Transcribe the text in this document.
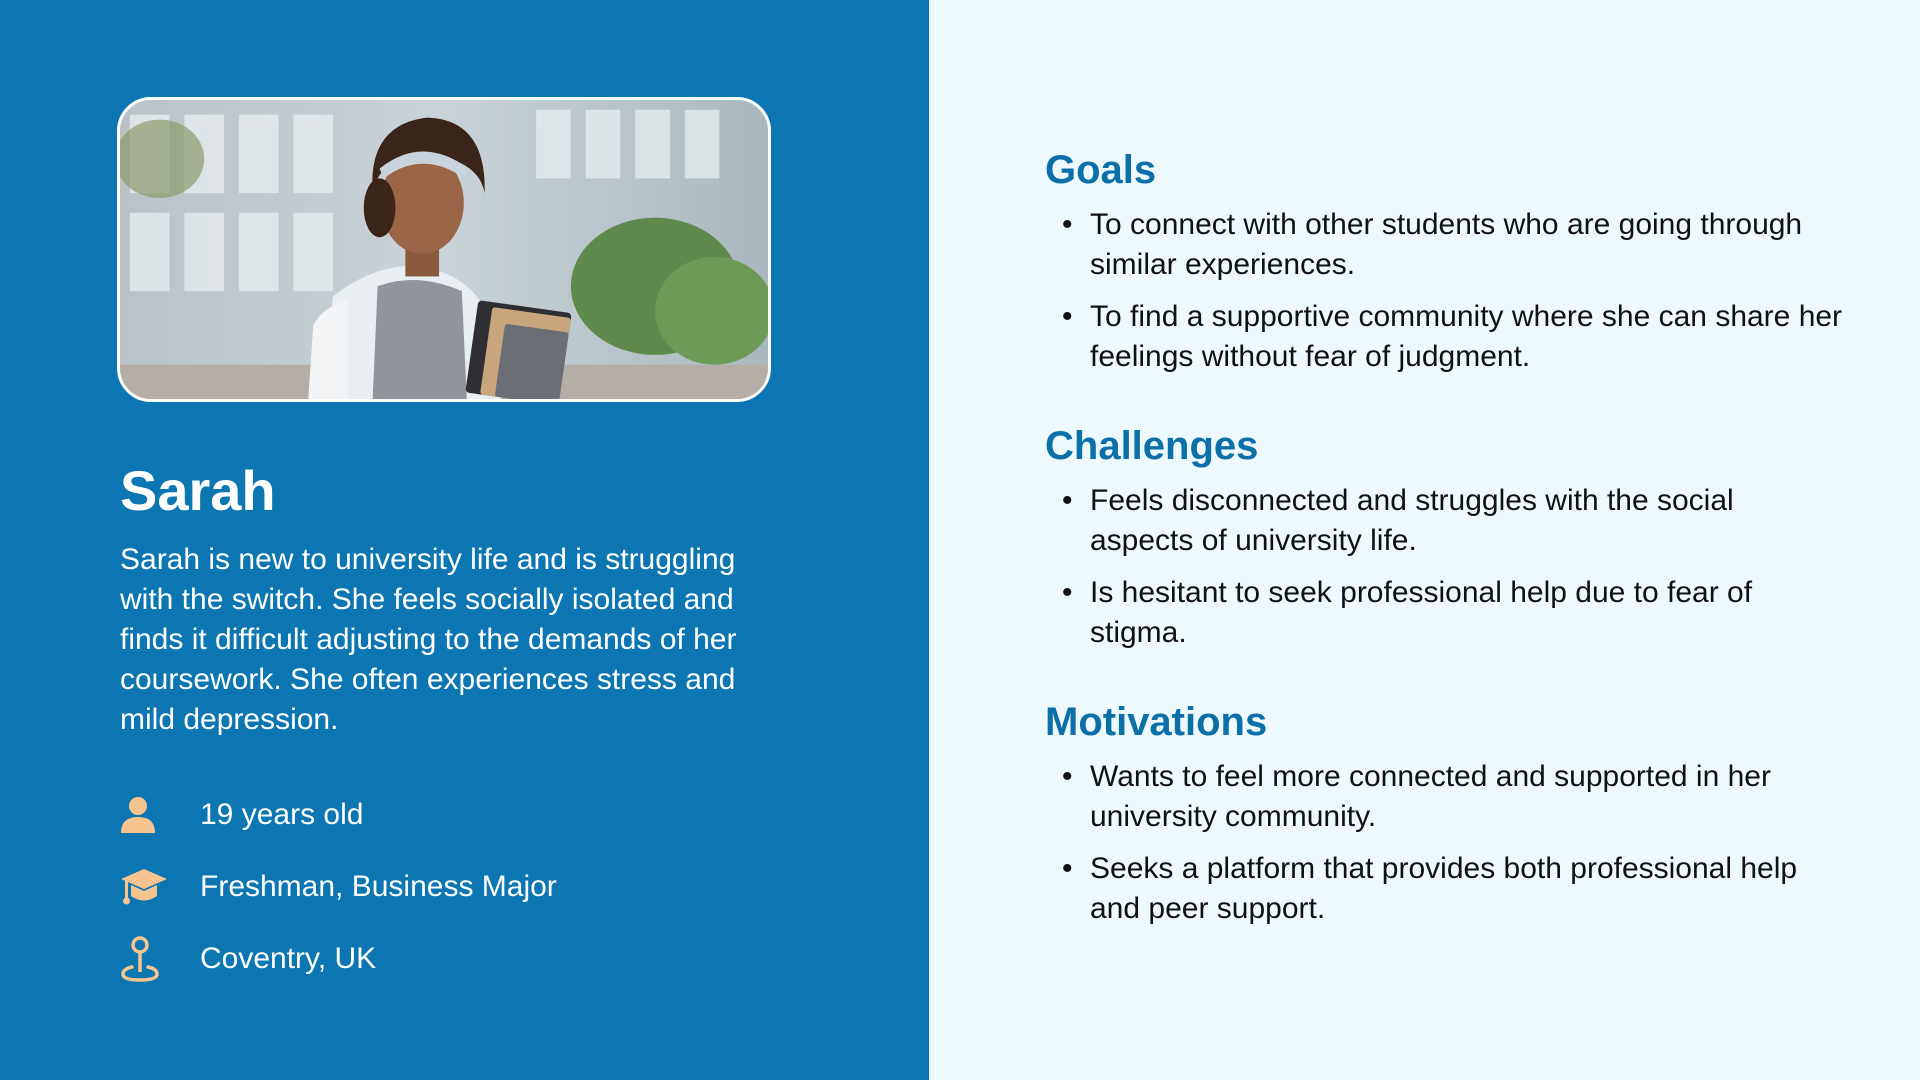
Sarah
Sarah is new to university life and is struggling with the switch. She feels socially isolated and finds it difficult adjusting to the demands of her coursework. She often experiences stress and mild depression.
19 years old
Freshman, Business Major
Coventry, UK
Goals
• To connect with other students who are going through similar experiences.
• To find a supportive community where she can share her feelings without fear of judgment.
Challenges
• Feels disconnected and struggles with the social aspects of university life.
• Is hesitant to seek professional help due to fear of stigma.
Motivations
• Wants to feel more connected and supported in her university community.
• Seeks a platform that provides both professional help and peer support.
